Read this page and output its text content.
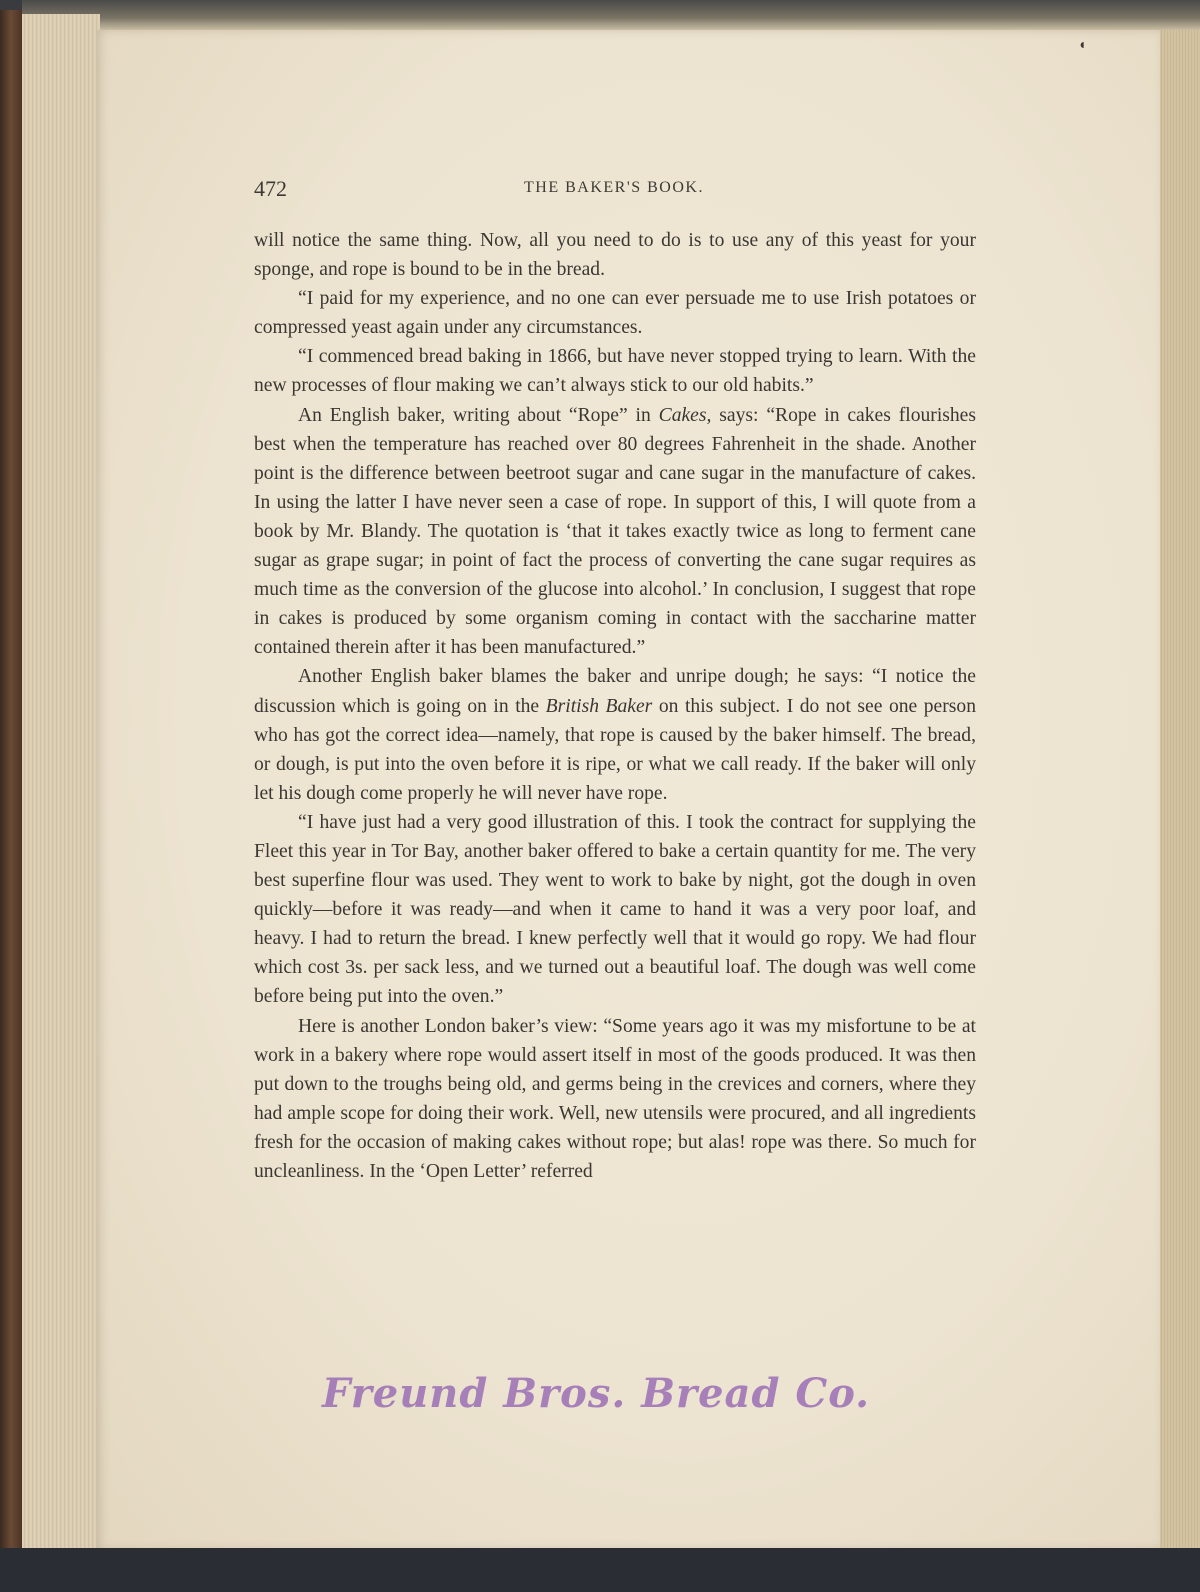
◖
472	THE BAKER'S BOOK.

will notice the same thing. Now, all you need to do is to use any of this yeast for your sponge, and rope is bound to be in the bread.

“I paid for my experience, and no one can ever persuade me to use Irish potatoes or compressed yeast again under any circumstances.

“I commenced bread baking in 1866, but have never stopped trying to learn. With the new processes of flour making we can’t always stick to our old habits.”

An English baker, writing about “Rope” in Cakes, says: “Rope in cakes flourishes best when the temperature has reached over 80 degrees Fahrenheit in the shade. Another point is the difference between beetroot sugar and cane sugar in the manufacture of cakes. In using the latter I have never seen a case of rope. In support of this, I will quote from a book by Mr. Blandy. The quotation is ‘that it takes exactly twice as long to ferment cane sugar as grape sugar; in point of fact the process of converting the cane sugar requires as much time as the conversion of the glucose into alcohol.’ In conclusion, I suggest that rope in cakes is produced by some organism coming in contact with the saccharine matter contained therein after it has been manufactured.”

Another English baker blames the baker and unripe dough; he says: “I notice the discussion which is going on in the British Baker on this subject. I do not see one person who has got the correct idea—namely, that rope is caused by the baker himself. The bread, or dough, is put into the oven before it is ripe, or what we call ready. If the baker will only let his dough come properly he will never have rope.

“I have just had a very good illustration of this. I took the contract for supplying the Fleet this year in Tor Bay, another baker offered to bake a certain quantity for me. The very best superfine flour was used. They went to work to bake by night, got the dough in oven quickly—before it was ready—and when it came to hand it was a very poor loaf, and heavy. I had to return the bread. I knew perfectly well that it would go ropy. We had flour which cost 3s. per sack less, and we turned out a beautiful loaf. The dough was well come before being put into the oven.”

Here is another London baker’s view: “Some years ago it was my misfortune to be at work in a bakery where rope would assert itself in most of the goods produced. It was then put down to the troughs being old, and germs being in the crevices and corners, where they had ample scope for doing their work. Well, new utensils were procured, and all ingredients fresh for the occasion of making cakes without rope; but alas! rope was there. So much for uncleanliness. In the ‘Open Letter’ referred

Freund Bros. Bread Co.
